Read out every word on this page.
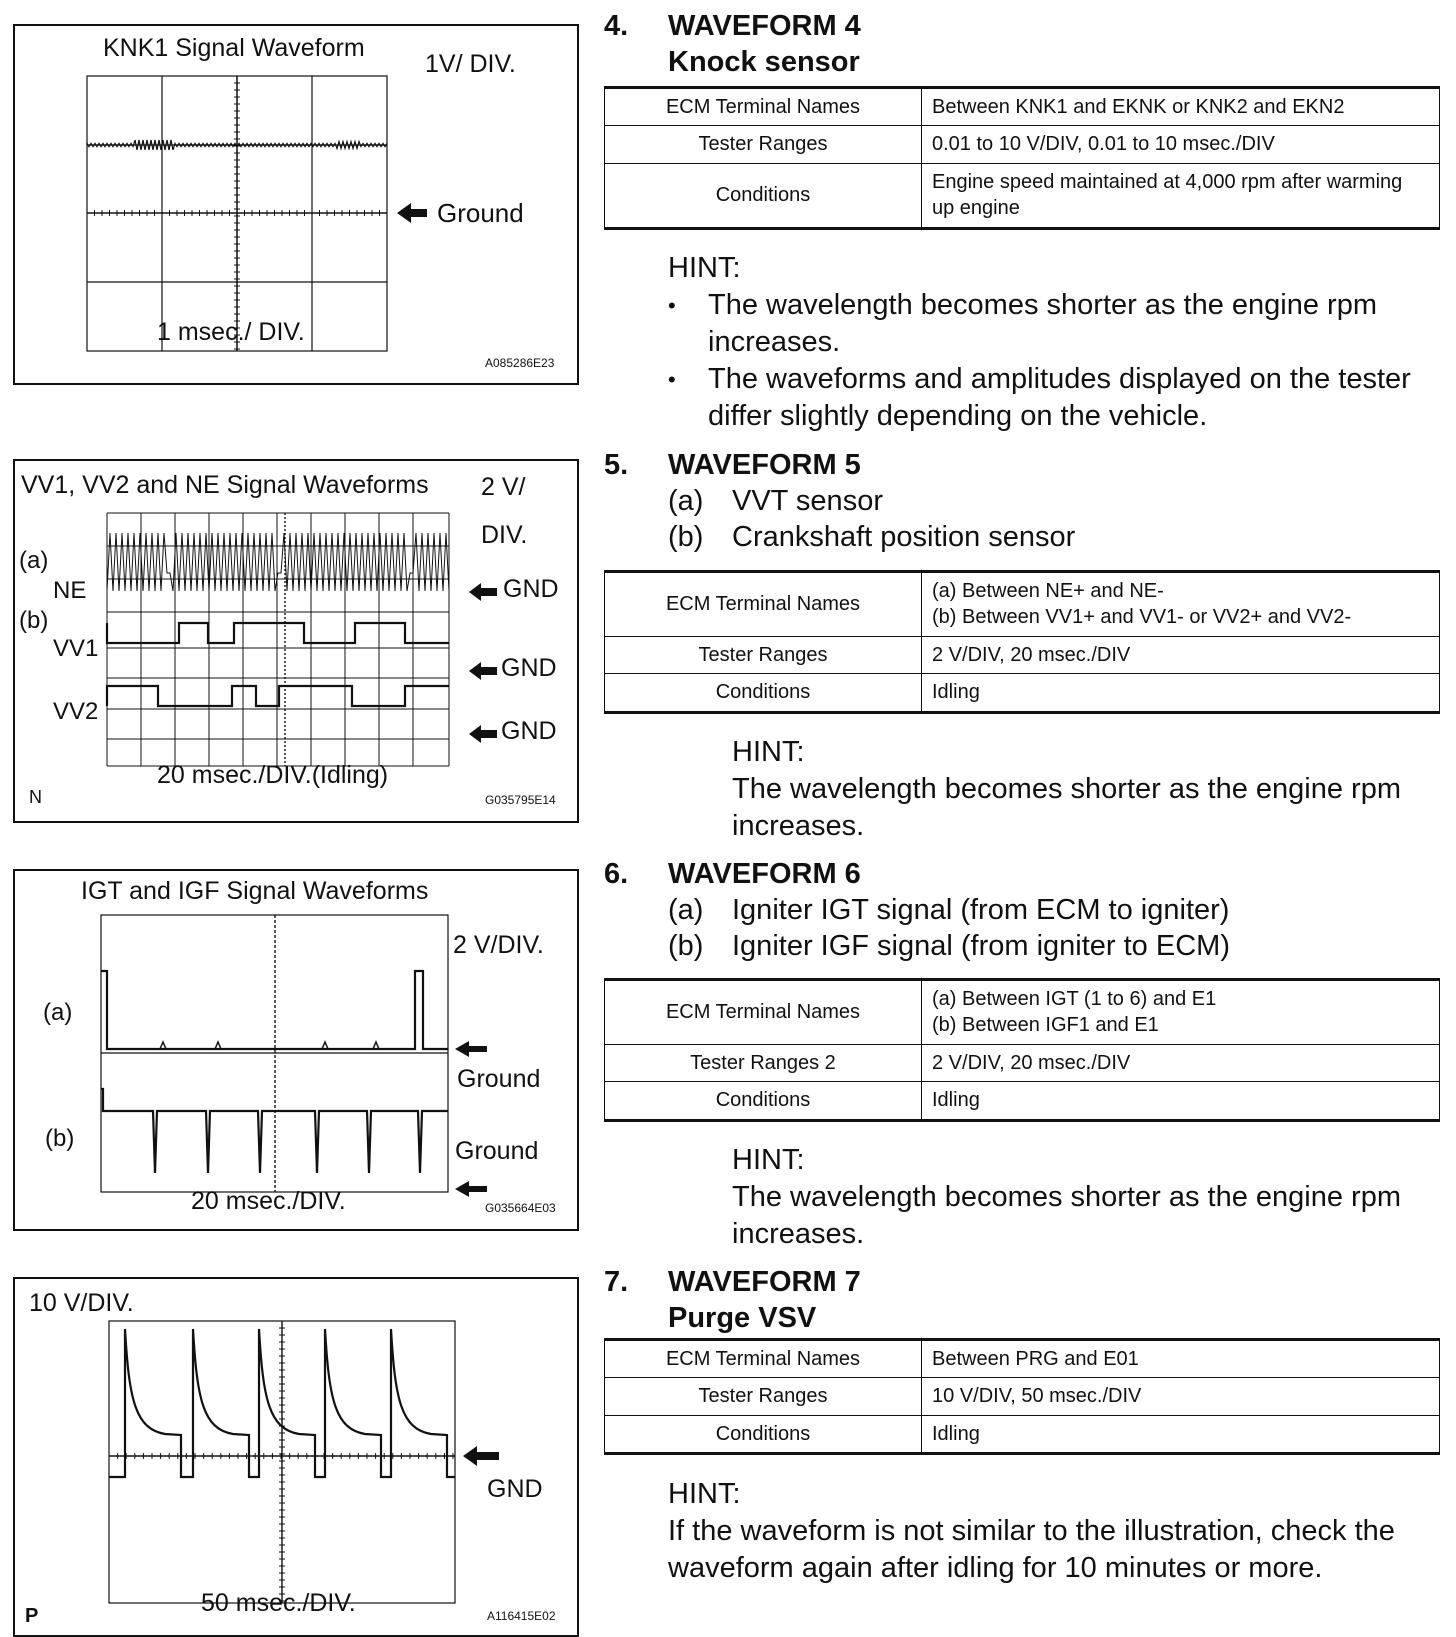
KNK1 Signal Waveform
1V/ DIV.
Ground
1 msec./ DIV.
A085286E23
VV1, VV2 and NE Signal Waveforms 2 V/
DIV.
(a)
NE
(b)
VV1
VV2
GND
GND
GND
20 msec./DIV.(Idling)
N	G035795E14
IGT and IGF Signal Waveforms
2 V/DIV.
(a)
(b)
Ground
Ground
20 msec./DIV.	G035664E03
10 V/DIV.
GND
50 msec./DIV.
P	A116415E02
4. WAVEFORM 4
Knock sensor
ECM Terminal Names	Between KNK1 and EKNK or KNK2 and EKN2
Tester Ranges	0.01 to 10 V/DIV, 0.01 to 10 msec./DIV
Conditions	Engine speed maintained at 4,000 rpm after warming up engine
HINT:
• The wavelength becomes shorter as the engine rpm increases.
• The waveforms and amplitudes displayed on the tester differ slightly depending on the vehicle.
5. WAVEFORM 5
(a) VVT sensor
(b) Crankshaft position sensor
ECM Terminal Names	(a) Between NE+ and NE-
(b) Between VV1+ and VV1- or VV2+ and VV2-

Tester Ranges	2 V/DIV, 20 msec./DIV
Conditions	Idling
HINT:
The wavelength becomes shorter as the engine rpm increases.
6. WAVEFORM 6
(a) Igniter IGT signal (from ECM to igniter)
(b) Igniter IGF signal (from igniter to ECM)
ECM Terminal Names	(a) Between IGT (1 to 6) and E1
(b) Between IGF1 and E1

Tester Ranges 2	2 V/DIV, 20 msec./DIV
Conditions	Idling
HINT:
The wavelength becomes shorter as the engine rpm increases.
7. WAVEFORM 7
Purge VSV
ECM Terminal Names	Between PRG and E01
Tester Ranges	10 V/DIV, 50 msec./DIV
Conditions	Idling
HINT:
If the waveform is not similar to the illustration, check the waveform again after idling for 10 minutes or more.
